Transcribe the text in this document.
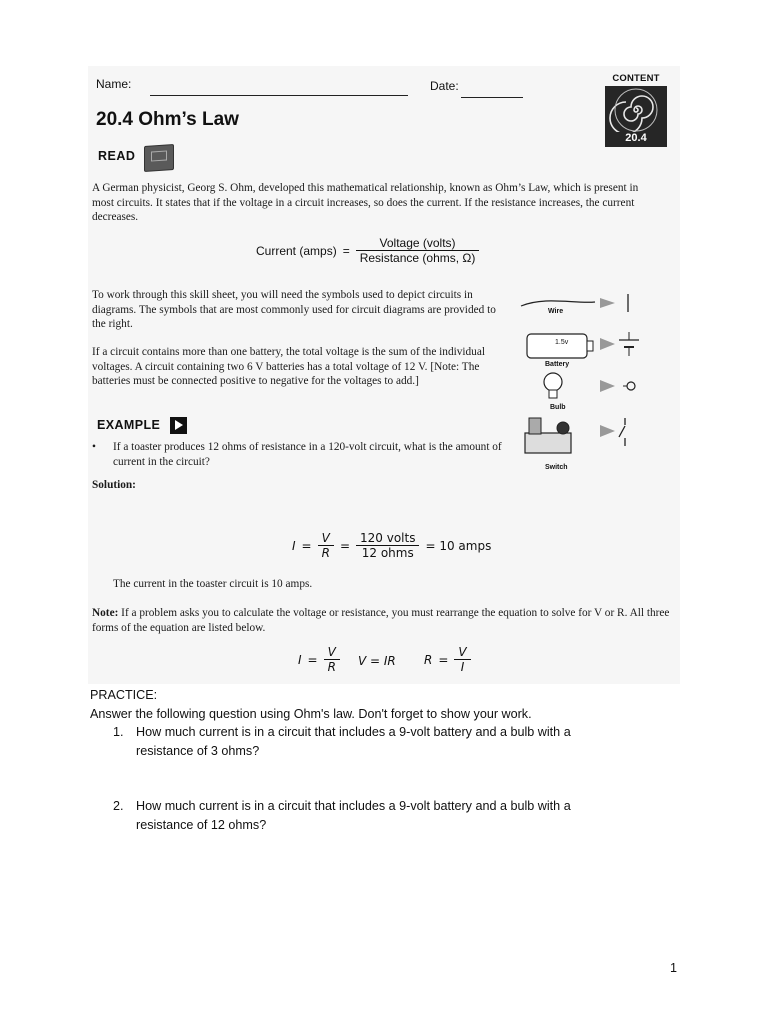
Name:	Date:
CONTENT
20.4
20.4 Ohm’s Law
READ
A German physicist, Georg S. Ohm, developed this mathematical relationship, known as Ohm’s Law, which is present in most circuits. It states that if the voltage in a circuit increases, so does the current. If the resistance increases, the current decreases.
Current (amps) = $\frac{\text{Voltage (volts)}}{\text{Resistance (ohms, Ω)}}$
To work through this skill sheet, you will need the symbols used to depict circuits in diagrams. The symbols that are most commonly used for circuit diagrams are provided to the right.
If a circuit contains more than one battery, the total voltage is the sum of the individual voltages. A circuit containing two 6 V batteries has a total voltage of 12 V. [Note: The batteries must be connected positive to negative for the voltages to add.]
Wire
1.5v
Battery
Bulb
Switch
EXAMPLE
•	If a toaster produces 12 ohms of resistance in a 120-volt circuit, what is the amount of current in the circuit?
Solution:
$I = \frac{V}{R} = \frac{\text{120 volts}}{\text{12 ohms}} = 10$ amps
The current in the toaster circuit is 10 amps.
Note: If a problem asks you to calculate the voltage or resistance, you must rearrange the equation to solve for V or R. All three forms of the equation are listed below.
$I = \frac{V}{R}$ V = IR $R = \frac{V}{I}$
PRACTICE:
Answer the following question using Ohm's law. Don't forget to show your work.
1. How much current is in a circuit that includes a 9-volt battery and a bulb with a
resistance of 3 ohms?
2. How much current is in a circuit that includes a 9-volt battery and a bulb with a
resistance of 12 ohms?
1
